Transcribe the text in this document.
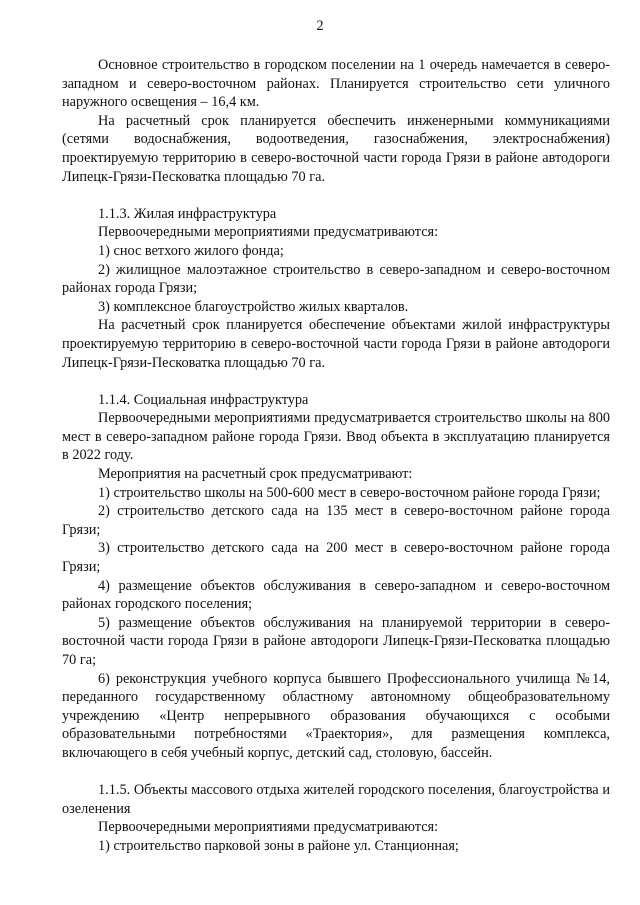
2

Основное строительство в городском поселении на 1 очередь намечается в северо-западном и северо-восточном районах. Планируется строительство сети уличного наружного освещения – 16,4 км.

На расчетный срок планируется обеспечить инженерными коммуникациями (сетями водоснабжения, водоотведения, газоснабжения, электроснабжения) проектируемую территорию в северо-восточной части города Грязи в районе автодороги Липецк-Грязи-Песковатка площадью 70 га.

1.1.3. Жилая инфраструктура

Первоочередными мероприятиями предусматриваются:

1) снос ветхого жилого фонда;

2) жилищное малоэтажное строительство в северо-западном и северо-восточном районах города Грязи;

3) комплексное благоустройство жилых кварталов.

На расчетный срок планируется обеспечение объектами жилой инфраструктуры проектируемую территорию в северо-восточной части города Грязи в районе автодороги Липецк-Грязи-Песковатка площадью 70 га.

1.1.4. Социальная инфраструктура

Первоочередными мероприятиями предусматривается строительство школы на 800 мест в северо-западном районе города Грязи. Ввод объекта в эксплуатацию планируется в 2022 году.

Мероприятия на расчетный срок предусматривают:

1) строительство школы на 500-600 мест в северо-восточном районе города Грязи;

2) строительство детского сада на 135 мест в северо-восточном районе города Грязи;

3) строительство детского сада на 200 мест в северо-восточном районе города Грязи;

4) размещение объектов обслуживания в северо-западном и северо-восточном районах городского поселения;

5) размещение объектов обслуживания на планируемой территории в северо-восточной части города Грязи в районе автодороги Липецк-Грязи-Песковатка площадью 70 га;

6) реконструкция учебного корпуса бывшего Профессионального училища №14, переданного государственному областному автономному общеобразовательному учреждению «Центр непрерывного образования обучающихся с особыми образовательными потребностями «Траектория», для размещения комплекса, включающего в себя учебный корпус, детский сад, столовую, бассейн.

1.1.5. Объекты массового отдыха жителей городского поселения, благоустройства и озеленения

Первоочередными мероприятиями предусматриваются:

1) строительство парковой зоны в районе ул. Станционная;
